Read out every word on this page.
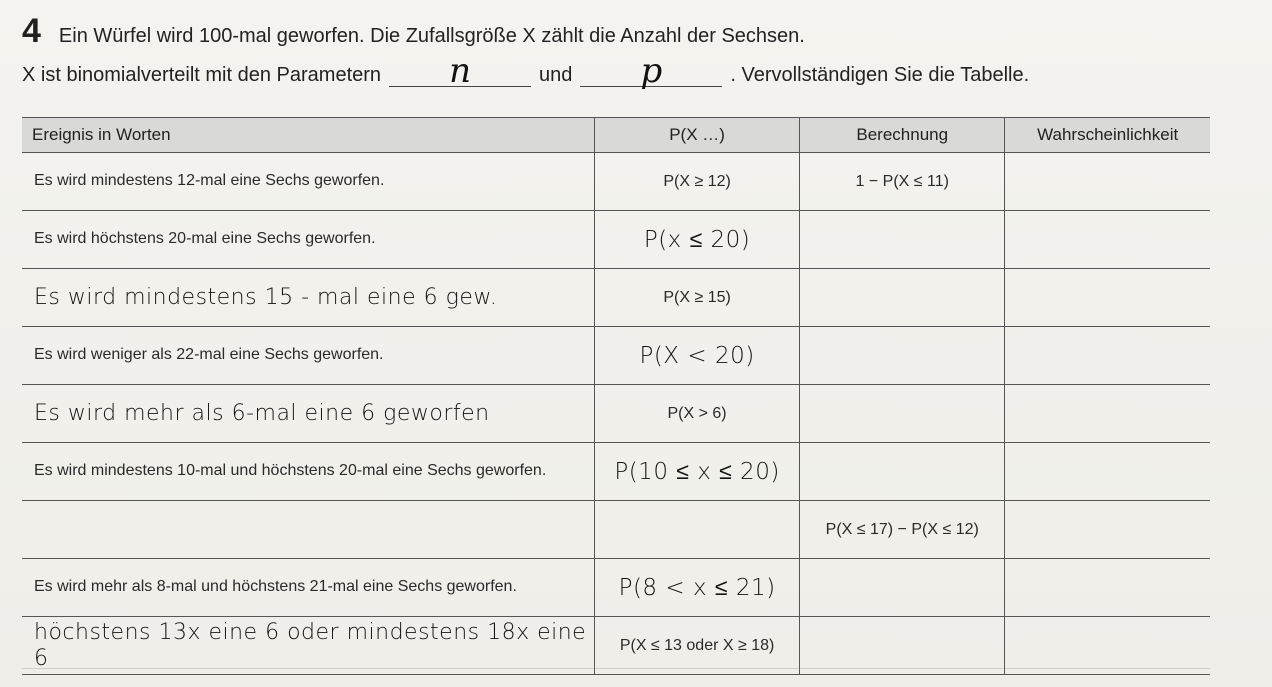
4 Ein Würfel wird 100-mal geworfen. Die Zufallsgröße X zählt die Anzahl der Sechsen.
X ist binomialverteilt mit den Parametern n	und p	. Vervollständigen Sie die Tabelle.
Ereignis in Worten	P(X …)	Berechnung	Wahrscheinlichkeit
Es wird mindestens 12-mal eine Sechs geworfen.	P(X ≥ 12)	1 − P(X ≤ 11)	
Es wird höchstens 20-mal eine Sechs geworfen.	P(x ≤ 20)		
Es wird mindestens 15 - mal eine 6 gew.	P(X ≥ 15)		
Es wird weniger als 22-mal eine Sechs geworfen.	P(X < 20)		
Es wird mehr als 6-mal eine 6 geworfen	P(X > 6)		
Es wird mindestens 10-mal und höchstens 20-mal eine Sechs geworfen.	P(10 ≤ x ≤ 20)		
		P(X ≤ 17) − P(X ≤ 12)	
Es wird mehr als 8-mal und höchstens 21-mal eine Sechs geworfen.	P(8 < x ≤ 21)		
höchstens 13x eine 6 oder mindestens 18x eine 6	P(X ≤ 13 oder X ≥ 18)		
